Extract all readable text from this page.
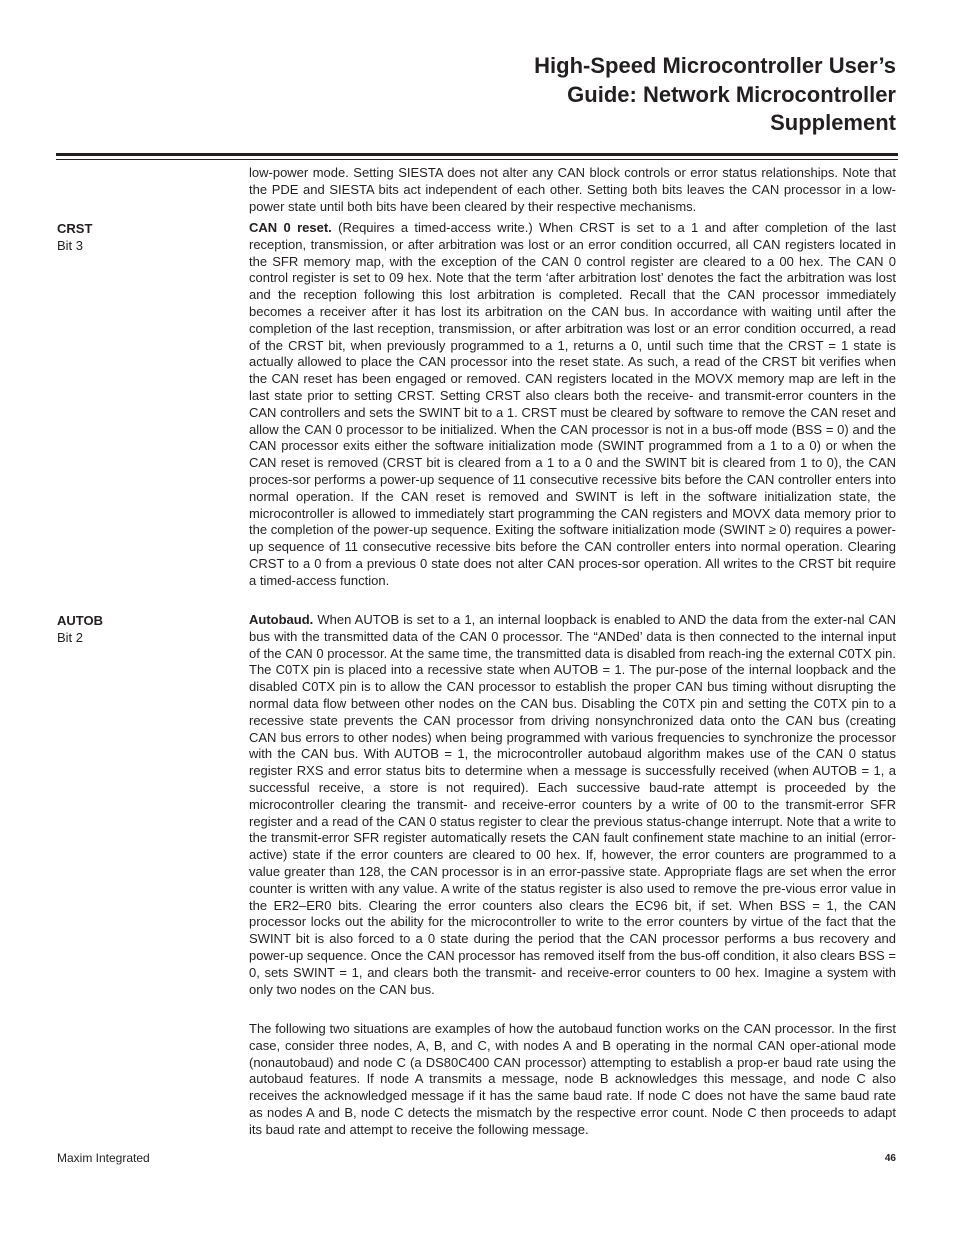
High-Speed Microcontroller User’s
Guide: Network Microcontroller
Supplement

low-power mode. Setting SIESTA does not alter any CAN block controls or error status relationships. Note that the PDE and SIESTA bits act independent of each other. Setting both bits leaves the CAN processor in a low-power state until both bits have been cleared by their respective mechanisms.

CRST
Bit 3

CAN 0 reset. (Requires a timed-access write.) When CRST is set to a 1 and after completion of the last reception, transmission, or after arbitration was lost or an error condition occurred, all CAN registers located in the SFR memory map, with the exception of the CAN 0 control register are cleared to a 00 hex. The CAN 0 control register is set to 09 hex. Note that the term ‘after arbitration lost’ denotes the fact the arbitration was lost and the reception following this lost arbitration is completed. Recall that the CAN processor immediately becomes a receiver after it has lost its arbitration on the CAN bus. In accordance with waiting until after the completion of the last reception, transmission, or after arbitration was lost or an error condition occurred, a read of the CRST bit, when previously programmed to a 1, returns a 0, until such time that the CRST = 1 state is actually allowed to place the CAN processor into the reset state. As such, a read of the CRST bit verifies when the CAN reset has been engaged or removed. CAN registers located in the MOVX memory map are left in the last state prior to setting CRST. Setting CRST also clears both the receive- and transmit-error counters in the CAN controllers and sets the SWINT bit to a 1. CRST must be cleared by software to remove the CAN reset and allow the CAN 0 processor to be initialized. When the CAN processor is not in a bus-off mode (BSS = 0) and the CAN processor exits either the software initialization mode (SWINT programmed from a 1 to a 0) or when the CAN reset is removed (CRST bit is cleared from a 1 to a 0 and the SWINT bit is cleared from 1 to 0), the CAN proces-sor performs a power-up sequence of 11 consecutive recessive bits before the CAN controller enters into normal operation. If the CAN reset is removed and SWINT is left in the software initialization state, the microcontroller is allowed to immediately start programming the CAN registers and MOVX data memory prior to the completion of the power-up sequence. Exiting the software initialization mode (SWINT ≥ 0) requires a power-up sequence of 11 consecutive recessive bits before the CAN controller enters into normal operation. Clearing CRST to a 0 from a previous 0 state does not alter CAN proces-sor operation. All writes to the CRST bit require a timed-access function.

AUTOB
Bit 2

Autobaud. When AUTOB is set to a 1, an internal loopback is enabled to AND the data from the exter-nal CAN bus with the transmitted data of the CAN 0 processor. The “ANDed’ data is then connected to the internal input of the CAN 0 processor. At the same time, the transmitted data is disabled from reach-ing the external C0TX pin. The C0TX pin is placed into a recessive state when AUTOB = 1. The pur-pose of the internal loopback and the disabled C0TX pin is to allow the CAN processor to establish the proper CAN bus timing without disrupting the normal data flow between other nodes on the CAN bus. Disabling the C0TX pin and setting the C0TX pin to a recessive state prevents the CAN processor from driving nonsynchronized data onto the CAN bus (creating CAN bus errors to other nodes) when being programmed with various frequencies to synchronize the processor with the CAN bus. With AUTOB = 1, the microcontroller autobaud algorithm makes use of the CAN 0 status register RXS and error status bits to determine when a message is successfully received (when AUTOB = 1, a successful receive, a store is not required). Each successive baud-rate attempt is proceeded by the microcontroller clearing the transmit- and receive-error counters by a write of 00 to the transmit-error SFR register and a read of the CAN 0 status register to clear the previous status-change interrupt. Note that a write to the transmit-error SFR register automatically resets the CAN fault confinement state machine to an initial (error-active) state if the error counters are cleared to 00 hex. If, however, the error counters are programmed to a value greater than 128, the CAN processor is in an error-passive state. Appropriate flags are set when the error counter is written with any value. A write of the status register is also used to remove the pre-vious error value in the ER2–ER0 bits. Clearing the error counters also clears the EC96 bit, if set. When BSS = 1, the CAN processor locks out the ability for the microcontroller to write to the error counters by virtue of the fact that the SWINT bit is also forced to a 0 state during the period that the CAN processor performs a bus recovery and power-up sequence. Once the CAN processor has removed itself from the bus-off condition, it also clears BSS = 0, sets SWINT = 1, and clears both the transmit- and receive-error counters to 00 hex. Imagine a system with only two nodes on the CAN bus.

The following two situations are examples of how the autobaud function works on the CAN processor. In the first case, consider three nodes, A, B, and C, with nodes A and B operating in the normal CAN oper-ational mode (nonautobaud) and node C (a DS80C400 CAN processor) attempting to establish a prop-er baud rate using the autobaud features. If node A transmits a message, node B acknowledges this message, and node C also receives the acknowledged message if it has the same baud rate. If node C does not have the same baud rate as nodes A and B, node C detects the mismatch by the respective error count. Node C then proceeds to adapt its baud rate and attempt to receive the following message.

Maxim Integrated	46
